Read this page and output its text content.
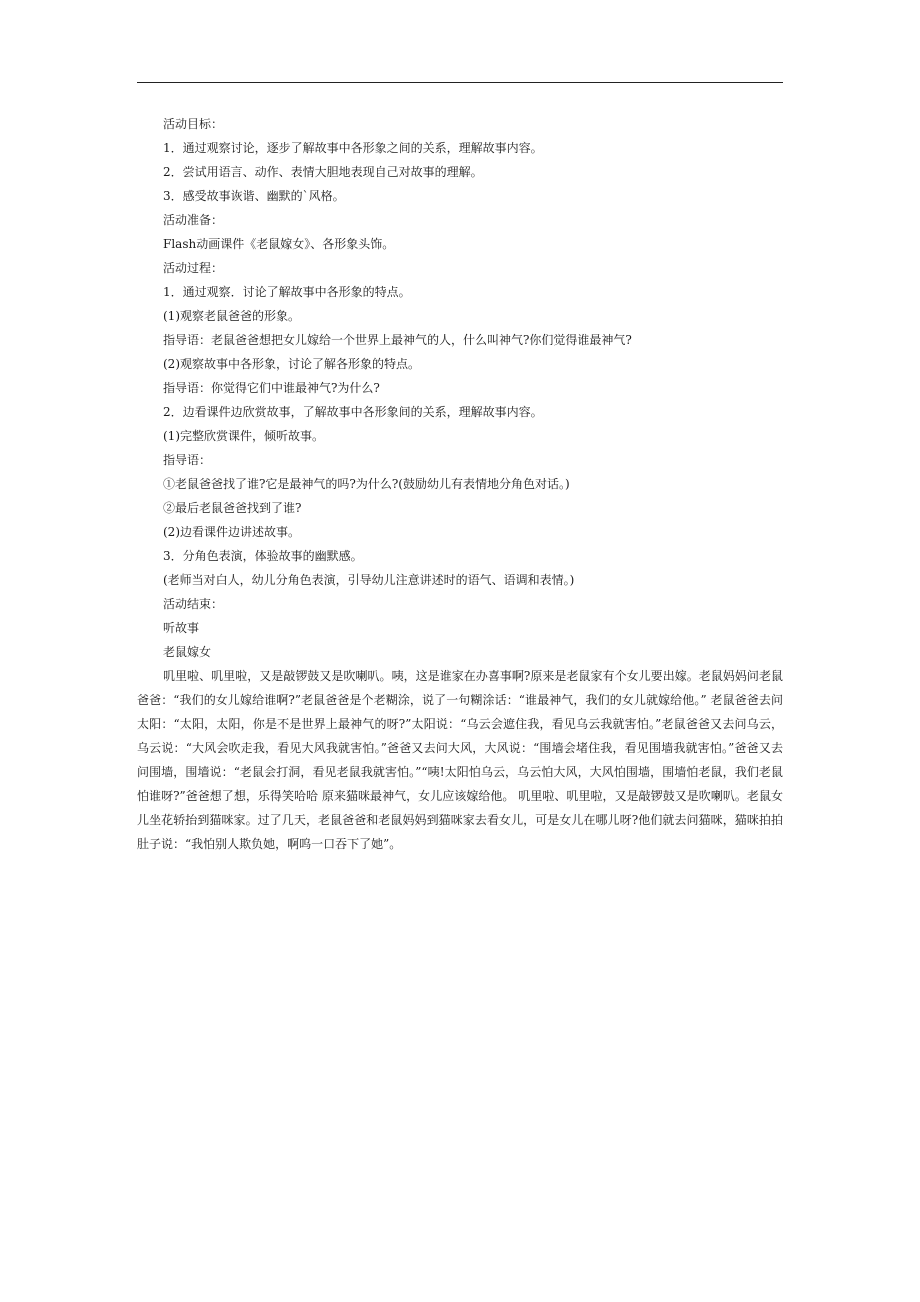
活动目标：
1．通过观察讨论，逐步了解故事中各形象之间的关系，理解故事内容。
2．尝试用语言、动作、表情大胆地表现自己对故事的理解。
3．感受故事诙谐、幽默的`风格。
活动准备：
Flash动画课件《老鼠嫁女》、各形象头饰。
活动过程：
1．通过观察．讨论了解故事中各形象的特点。
(1)观察老鼠爸爸的形象。
指导语：老鼠爸爸想把女儿嫁给一个世界上最神气的人，什么叫神气?你们觉得谁最神气?
(2)观察故事中各形象，讨论了解各形象的特点。
指导语：你觉得它们中谁最神气?为什么?
2．边看课件边欣赏故事，了解故事中各形象间的关系，理解故事内容。
(1)完整欣赏课件，倾听故事。
指导语：
①老鼠爸爸找了谁?它是最神气的吗?为什么?(鼓励幼儿有表情地分角色对话。)
②最后老鼠爸爸找到了谁?
(2)边看课件边讲述故事。
3．分角色表演，体验故事的幽默感。
(老师当对白人，幼儿分角色表演，引导幼儿注意讲述时的语气、语调和表情。)
活动结束：
听故事
老鼠嫁女
叽里啦、叽里啦，又是敲锣鼓又是吹喇叭。咦，这是谁家在办喜事啊?原来是老鼠家有个女儿要出嫁。老鼠妈妈问老鼠爸爸：“我们的女儿嫁给谁啊?”老鼠爸爸是个老糊涂，说了一句糊涂话：“谁最神气，我们的女儿就嫁给他。” 老鼠爸爸去问太阳：“太阳，太阳，你是不是世界上最神气的呀?”太阳说：“乌云会遮住我，看见乌云我就害怕。”老鼠爸爸又去问乌云，乌云说：“大风会吹走我，看见大风我就害怕。”爸爸又去问大风，大风说：“围墙会堵住我，看见围墙我就害怕。”爸爸又去问围墙，围墙说：“老鼠会打洞，看见老鼠我就害怕。”“咦!太阳怕乌云，乌云怕大风，大风怕围墙，围墙怕老鼠，我们老鼠怕谁呀?”爸爸想了想，乐得笑哈哈 原来猫咪最神气，女儿应该嫁给他。 叽里啦、叽里啦，又是敲锣鼓又是吹喇叭。老鼠女儿坐花轿抬到猫咪家。过了几天，老鼠爸爸和老鼠妈妈到猫咪家去看女儿，可是女儿在哪儿呀?他们就去问猫咪，猫咪拍拍肚子说：“我怕别人欺负她，啊呜一口吞下了她”。
